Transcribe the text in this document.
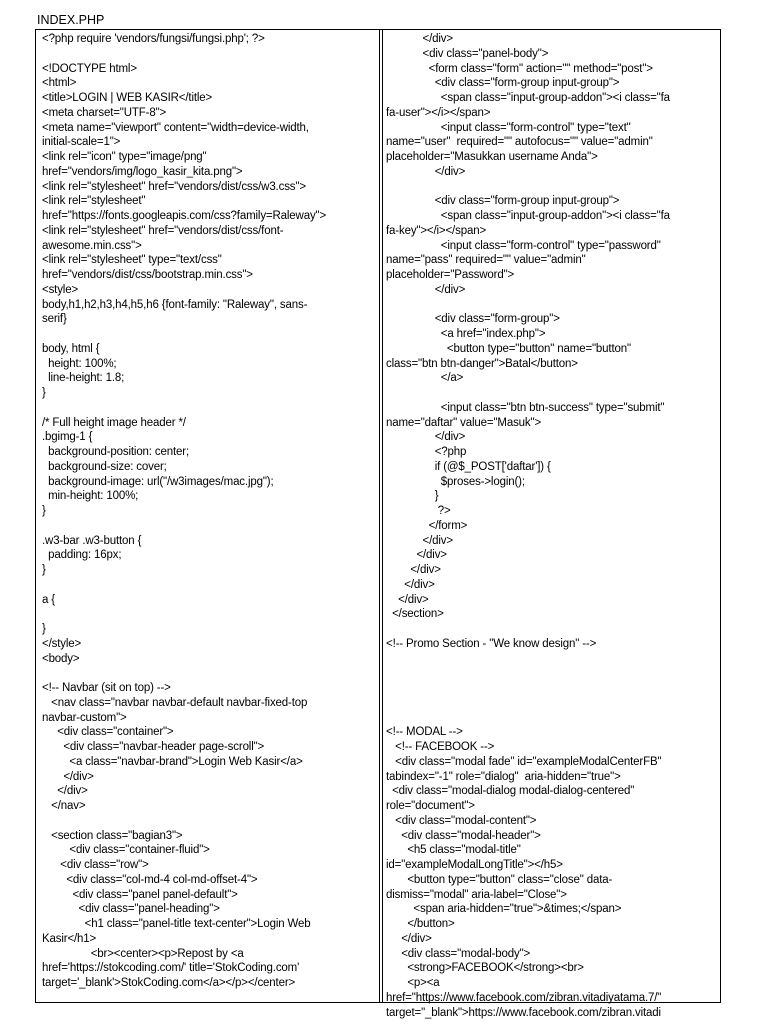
INDEX.PHP
<?php require 'vendors/fungsi/fungsi.php'; ?>
<!DOCTYPE html>
<html>
<title>LOGIN | WEB KASIR</title>
<meta charset="UTF-8">
<meta name="viewport" content="width=device-width,
initial-scale=1">
<link rel="icon" type="image/png"
href="vendors/img/logo_kasir_kita.png">
<link rel="stylesheet" href="vendors/dist/css/w3.css">
<link rel="stylesheet"
href="https://fonts.googleapis.com/css?family=Raleway">
<link rel="stylesheet" href="vendors/dist/css/font-
awesome.min.css">
<link rel="stylesheet" type="text/css"
href="vendors/dist/css/bootstrap.min.css">
<style>
body,h1,h2,h3,h4,h5,h6 {font-family: "Raleway", sans-
serif}
body, html {
height: 100%;
line-height: 1.8;
}
/* Full height image header */
.bgimg-1 {
background-position: center;
background-size: cover;
background-image: url("/w3images/mac.jpg");
min-height: 100%;
}
.w3-bar .w3-button {
padding: 16px;
}
a {
}
</style>
<body>
<!-- Navbar (sit on top) -->
<nav class="navbar navbar-default navbar-fixed-top
navbar-custom">
<div class="container">
<div class="navbar-header page-scroll">
<a class="navbar-brand">Login Web Kasir</a>
</div>
</div>
</nav>
<section class="bagian3">
<div class="container-fluid">
<div class="row">
<div class="col-md-4 col-md-offset-4">
<div class="panel panel-default">
<div class="panel-heading">
<h1 class="panel-title text-center">Login Web
Kasir</h1>
<br><center><p>Repost by <a
href='https://stokcoding.com/' title='StokCoding.com'
target='_blank'>StokCoding.com</a></p></center>
</div>
<div class="panel-body">
<form class="form" action="" method="post">
<div class="form-group input-group">
<span class="input-group-addon"><i class="fa
fa-user"></i></span>
<input class="form-control" type="text"
name="user"  required="" autofocus="" value="admin"
placeholder="Masukkan username Anda">
</div>
<div class="form-group input-group">
<span class="input-group-addon"><i class="fa
fa-key"></i></span>
<input class="form-control" type="password"
name="pass" required="" value="admin"
placeholder="Password">
</div>
<div class="form-group">
<a href="index.php">
<button type="button" name="button"
class="btn btn-danger">Batal</button>
</a>
<input class="btn btn-success" type="submit"
name="daftar" value="Masuk">
</div>
<?php
if (@$_POST['daftar']) {
$proses->login();
}
?>
</form>
</div>
</div>
</div>
</div>
</div>
</section>
<!-- Promo Section - "We know design" -->
<!-- MODAL -->
<!-- FACEBOOK -->
<div class="modal fade" id="exampleModalCenterFB"
tabindex="-1" role="dialog"  aria-hidden="true">
<div class="modal-dialog modal-dialog-centered"
role="document">
<div class="modal-content">
<div class="modal-header">
<h5 class="modal-title"
id="exampleModalLongTitle"></h5>
<button type="button" class="close" data-
dismiss="modal" aria-label="Close">
<span aria-hidden="true">&times;</span>
</button>
</div>
<div class="modal-body">
<strong>FACEBOOK</strong><br>
<p><a
href="https://www.facebook.com/zibran.vitadiyatama.7/"
target="_blank">https://www.facebook.com/zibran.vitadi
